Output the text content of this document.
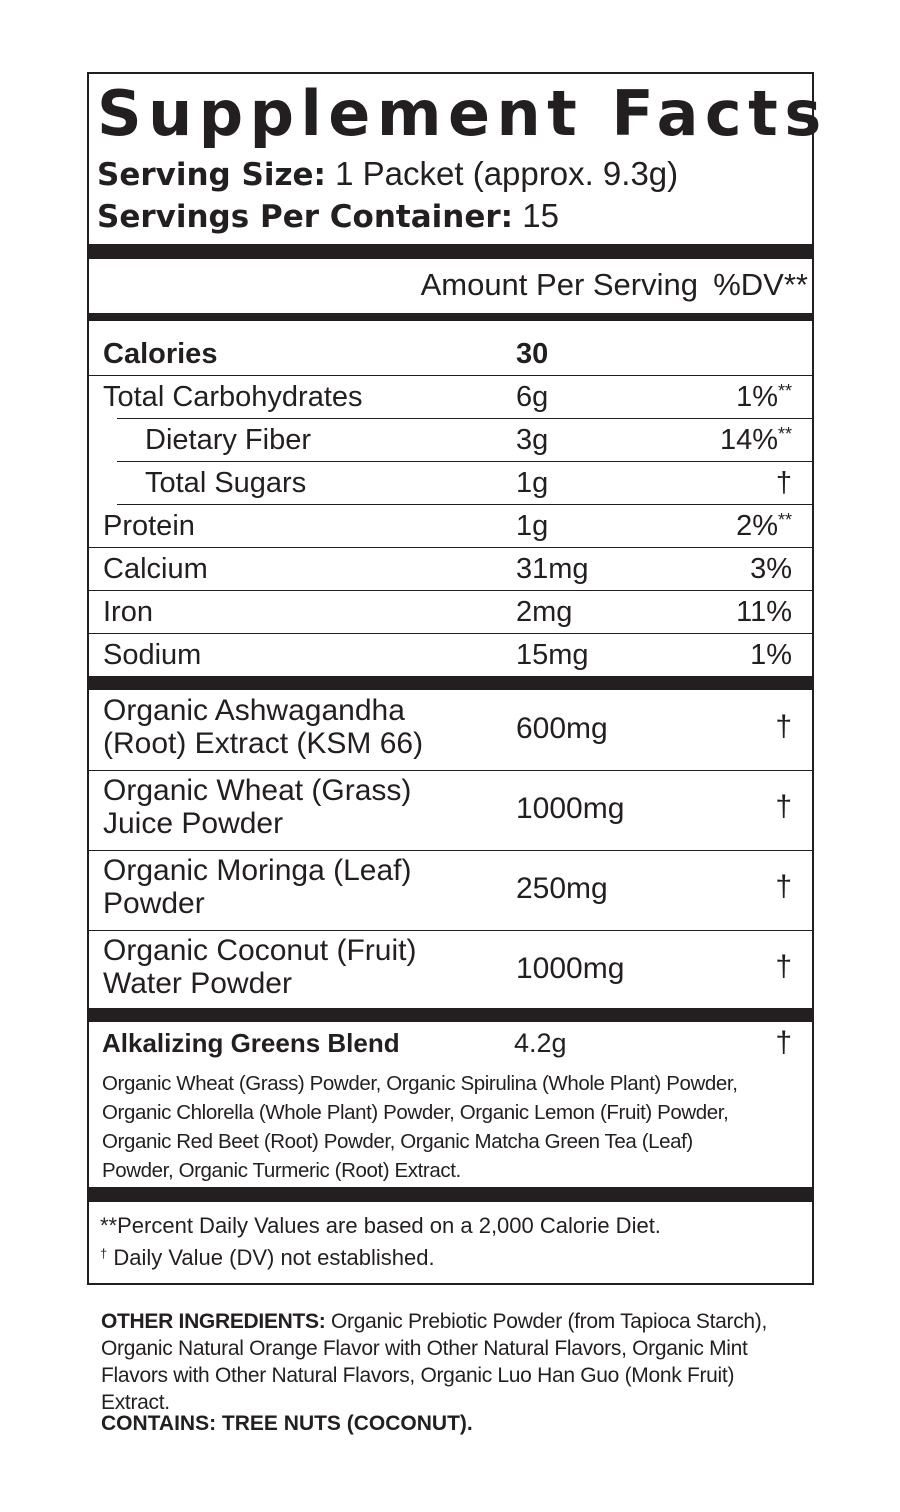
Supplement Facts
Serving Size: 1 Packet (approx. 9.3g)
Servings Per Container: 15
Amount Per Serving %DV**
Calories	30
Total Carbohydrates	6g	1%**
Dietary Fiber	3g	14%**
Total Sugars	1g	†
Protein	1g	2%**
Calcium	31mg	3%
Iron	2mg	11%
Sodium	15mg	1%
Organic Ashwagandha
(Root) Extract (KSM 66)	600mg	†
Organic Wheat (Grass)
Juice Powder	1000mg	†
Organic Moringa (Leaf)
Powder	250mg	†
Organic Coconut (Fruit)
Water Powder	1000mg	†
Alkalizing Greens Blend	4.2g	†
Organic Wheat (Grass) Powder, Organic Spirulina (Whole Plant) Powder, Organic Chlorella (Whole Plant) Powder, Organic Lemon (Fruit) Powder, Organic Red Beet (Root) Powder, Organic Matcha Green Tea (Leaf) Powder, Organic Turmeric (Root) Extract.
**Percent Daily Values are based on a 2,000 Calorie Diet.
† Daily Value (DV) not established.
OTHER INGREDIENTS: Organic Prebiotic Powder (from Tapioca Starch), Organic Natural Orange Flavor with Other Natural Flavors, Organic Mint Flavors with Other Natural Flavors, Organic Luo Han Guo (Monk Fruit) Extract.
CONTAINS: TREE NUTS (COCONUT).
